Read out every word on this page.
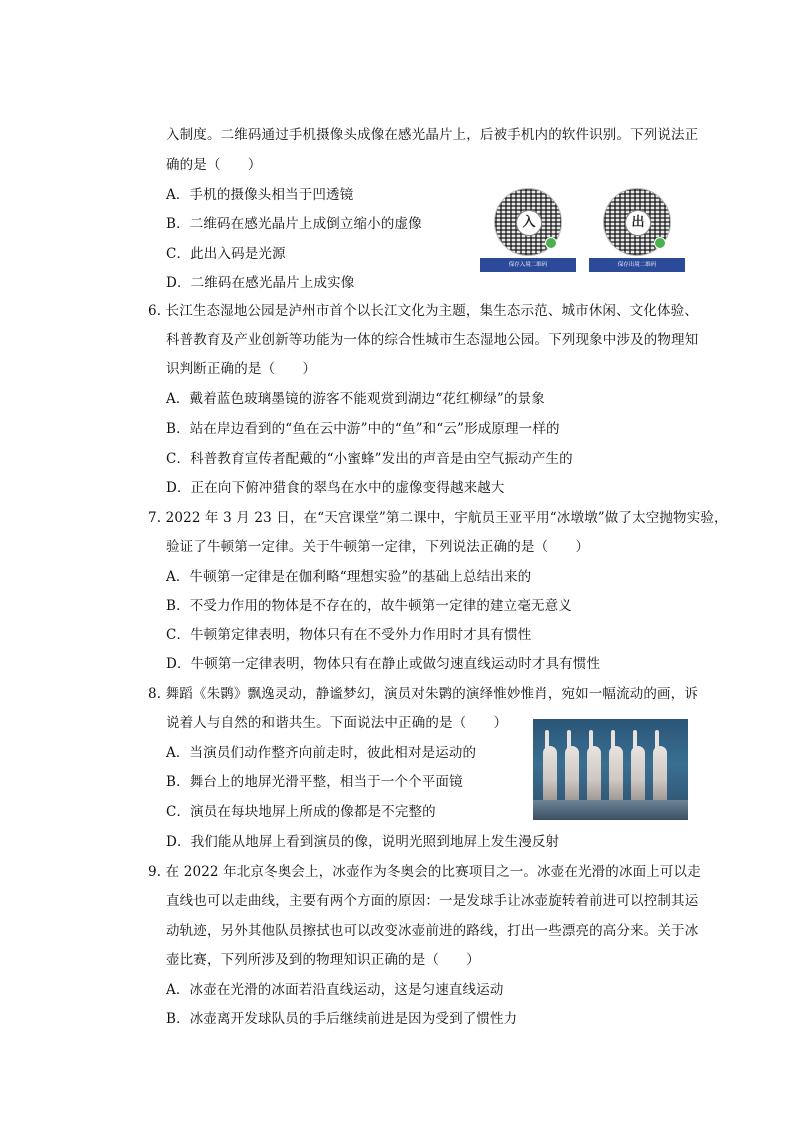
入制度。二维码通过手机摄像头成像在感光晶片上，后被手机内的软件识别。下列说法正
确的是（　　）
A．手机的摄像头相当于凹透镜
B．二维码在感光晶片上成倒立缩小的虚像
C．此出入码是光源
D．二维码在感光晶片上成实像
6. 长江生态湿地公园是泸州市首个以长江文化为主题，集生态示范、城市休闲、文化体验、
科普教育及产业创新等功能为一体的综合性城市生态湿地公园。下列现象中涉及的物理知
识判断正确的是（　　）
A．戴着蓝色玻璃墨镜的游客不能观赏到湖边“花红柳绿”的景象
B．站在岸边看到的“鱼在云中游”中的“鱼”和“云”形成原理一样的
C．科普教育宣传者配戴的“小蜜蜂”发出的声音是由空气振动产生的
D．正在向下俯冲猎食的翠鸟在水中的虚像变得越来越大
7. 2022 年 3 月 23 日，在“天宫课堂”第二课中，宇航员王亚平用“冰墩墩”做了太空抛物实验，
验证了牛顿第一定律。关于牛顿第一定律，下列说法正确的是（　　）
A．牛顿第一定律是在伽利略“理想实验”的基础上总结出来的
B．不受力作用的物体是不存在的，故牛顿第一定律的建立毫无意义
C．牛顿第定律表明，物体只有在不受外力作用时才具有惯性
D．牛顿第一定律表明，物体只有在静止或做匀速直线运动时才具有惯性
8. 舞蹈《朱鹮》飘逸灵动，静谧梦幻，演员对朱鹮的演绎惟妙惟肖，宛如一幅流动的画，诉
说着人与自然的和谐共生。下面说法中正确的是（　　）
A．当演员们动作整齐向前走时，彼此相对是运动的
B．舞台上的地屏光滑平整，相当于一个个平面镜
C．演员在每块地屏上所成的像都是不完整的
D．我们能从地屏上看到演员的像，说明光照到地屏上发生漫反射
9. 在 2022 年北京冬奥会上，冰壶作为冬奥会的比赛项目之一。冰壶在光滑的冰面上可以走
直线也可以走曲线，主要有两个方面的原因：一是发球手让冰壶旋转着前进可以控制其运
动轨迹，另外其他队员擦拭也可以改变冰壶前进的路线，打出一些漂亮的高分来。关于冰
壶比赛，下列所涉及到的物理知识正确的是（　　）
A．冰壶在光滑的冰面若沿直线运动，这是匀速直线运动
B．冰壶离开发球队员的手后继续前进是因为受到了惯性力
入
保存入境二维码
出
保存出境二维码
